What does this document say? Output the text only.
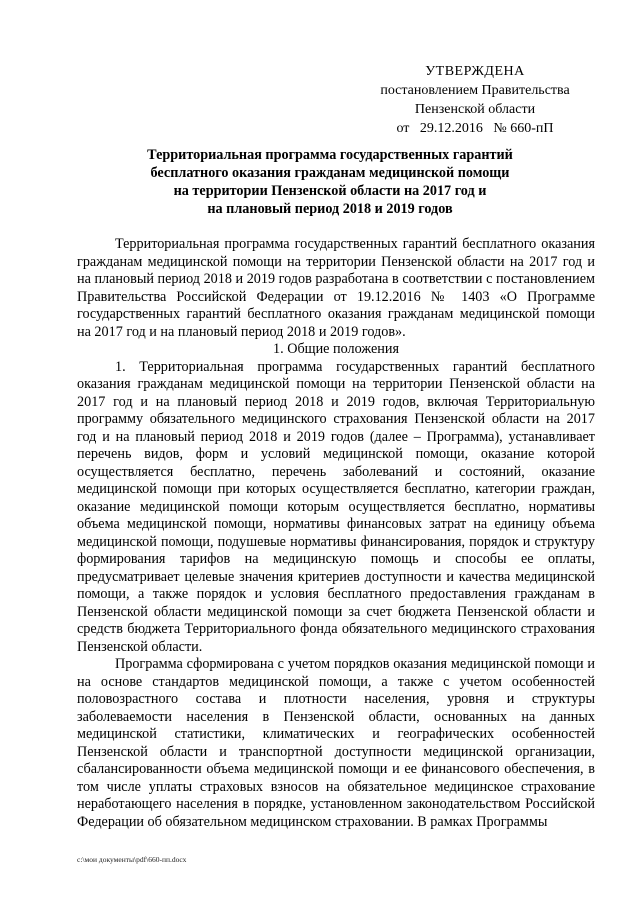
УТВЕРЖДЕНА
постановлением Правительства
Пензенской области
от   29.12.2016   № 660-пП
Территориальная программа государственных гарантий
бесплатного оказания гражданам медицинской помощи
на территории Пензенской области на 2017 год и
на плановый период 2018 и 2019 годов

Территориальная программа государственных гарантий бесплатного оказания гражданам медицинской помощи на территории Пензенской области на 2017 год и на плановый период 2018 и 2019 годов разработана в соответствии с постановлением Правительства Российской Федерации от 19.12.2016 № 1403 «О Программе государственных гарантий бесплатного оказания гражданам медицинской помощи на 2017 год и на плановый период 2018 и 2019 годов».

1. Общие положения

1. Территориальная программа государственных гарантий бесплатного оказания гражданам медицинской помощи на территории Пензенской области на 2017 год и на плановый период 2018 и 2019 годов, включая Территориальную программу обязательного медицинского страхования Пензенской области на 2017 год и на плановый период 2018 и 2019 годов (далее – Программа), устанавливает перечень видов, форм и условий медицинской помощи, оказание которой осуществляется бесплатно, перечень заболеваний и состояний, оказание медицинской помощи при которых осуществляется бесплатно, категории граждан, оказание медицинской помощи которым осуществляется бесплатно, нормативы объема медицинской помощи, нормативы финансовых затрат на единицу объема медицинской помощи, подушевые нормативы финансирования, порядок и структуру формирования тарифов на медицинскую помощь и способы ее оплаты, предусматривает целевые значения критериев доступности и качества медицинской помощи, а также порядок и условия бесплатного предоставления гражданам в Пензенской области медицинской помощи за счет бюджета Пензенской области и средств бюджета Территориального фонда обязательного медицинского страхования Пензенской области.

Программа сформирована с учетом порядков оказания медицинской помощи и на основе стандартов медицинской помощи, а также с учетом особенностей половозрастного состава и плотности населения, уровня и структуры заболеваемости населения в Пензенской области, основанных на данных медицинской статистики, климатических и географических особенностей Пензенской области и транспортной доступности медицинской организации, сбалансированности объема медицинской помощи и ее финансового обеспечения, в том числе уплаты страховых взносов на обязательное медицинское страхование неработающего населения в порядке, установленном законодательством Российской Федерации об обязательном медицинском страховании. В рамках Программы

c:\мои документы\pdf\660-пп.docx
